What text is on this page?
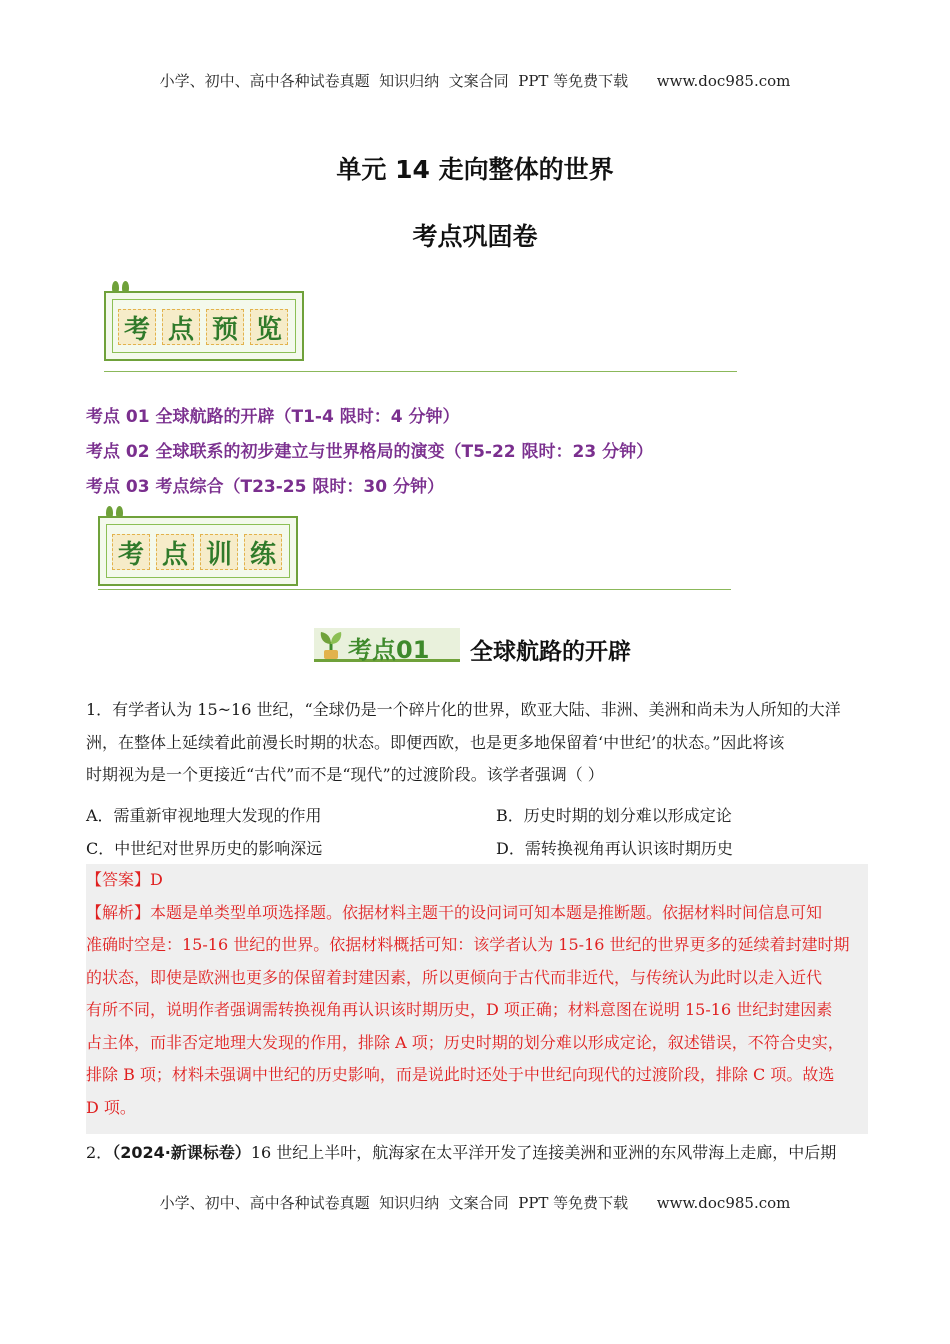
小学、初中、高中各种试卷真题  知识归纳  文案合同  PPT 等免费下载      www.doc985.com
单元 14 走向整体的世界
考点巩固卷
考 点 预 览
考点 01 全球航路的开辟（T1-4 限时：4 分钟）
考点 02 全球联系的初步建立与世界格局的演变（T5-22 限时：23 分钟）
考点 03 考点综合（T23-25 限时：30 分钟）
考 点 训 练
考点01 全球航路的开辟
1．有学者认为 15~16 世纪，“全球仍是一个碎片化的世界，欧亚大陆、非洲、美洲和尚未为人所知的大洋
洲，在整体上延续着此前漫长时期的状态。即便西欧，也是更多地保留着‘中世纪’的状态。”因此将该
时期视为是一个更接近“古代”而不是“现代”的过渡阶段。该学者强调（ ）
A．需重新审视地理大发现的作用	B．历史时期的划分难以形成定论
C．中世纪对世界历史的影响深远	D．需转换视角再认识该时期历史
【答案】D
【解析】本题是单类型单项选择题。依据材料主题干的设问词可知本题是推断题。依据材料时间信息可知
准确时空是：15-16 世纪的世界。依据材料概括可知：该学者认为 15-16 世纪的世界更多的延续着封建时期
的状态，即使是欧洲也更多的保留着封建因素，所以更倾向于古代而非近代，与传统认为此时以走入近代
有所不同，说明作者强调需转换视角再认识该时期历史，D 项正确；材料意图在说明 15-16 世纪封建因素
占主体，而非否定地理大发现的作用，排除 A 项；历史时期的划分难以形成定论，叙述错误，不符合史实，
排除 B 项；材料未强调中世纪的历史影响，而是说此时还处于中世纪向现代的过渡阶段，排除 C 项。故选
D 项。
2．（2024·新课标卷）16 世纪上半叶，航海家在太平洋开发了连接美洲和亚洲的东风带海上走廊，中后期
小学、初中、高中各种试卷真题  知识归纳  文案合同  PPT 等免费下载      www.doc985.com
